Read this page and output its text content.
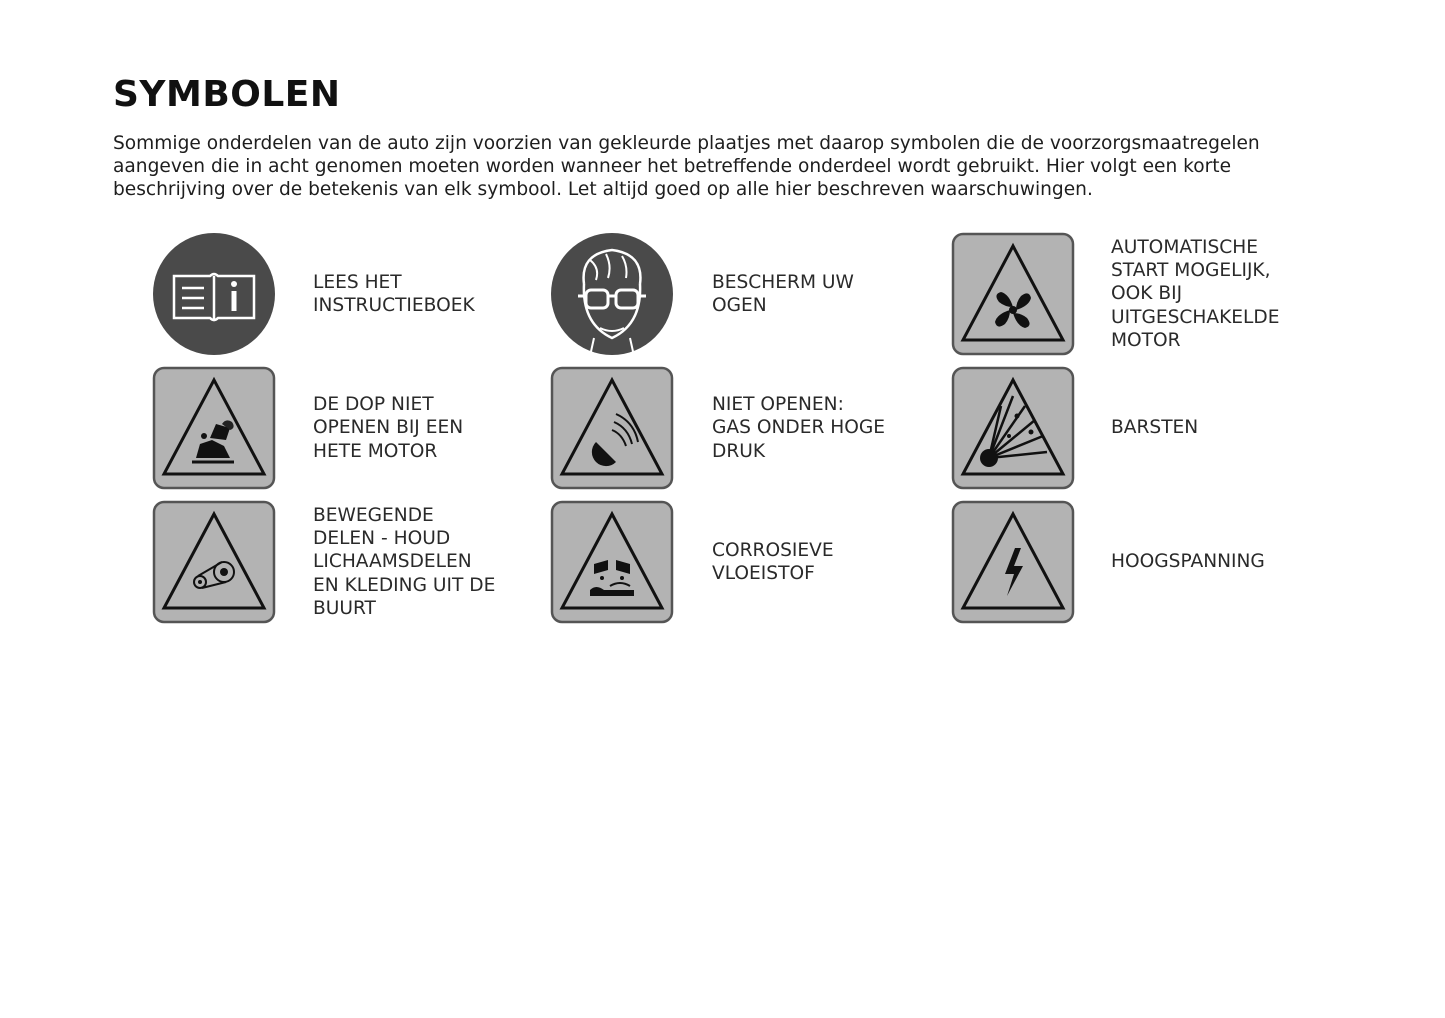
SYMBOLEN

Sommige onderdelen van de auto zijn voorzien van gekleurde plaatjes met daarop symbolen die de voorzorgsmaatregelen aangeven die in acht genomen moeten worden wanneer het betreffende onderdeel wordt gebruikt. Hier volgt een korte beschrijving over de betekenis van elk symbool. Let altijd goed op alle hier beschreven waarschuwingen.

LEES HET
INSTRUCTIEBOEK
BESCHERM UW
OGEN
AUTOMATISCHE
START MOGELIJK,
OOK BIJ
UITGESCHAKELDE
MOTOR
DE DOP NIET
OPENEN BIJ EEN
HETE MOTOR
NIET OPENEN:
GAS ONDER HOGE
DRUK
BARSTEN
BEWEGENDE
DELEN - HOUD
LICHAAMSDELEN
EN KLEDING UIT DE
BUURT
CORROSIEVE
VLOEISTOF
HOOGSPANNING
